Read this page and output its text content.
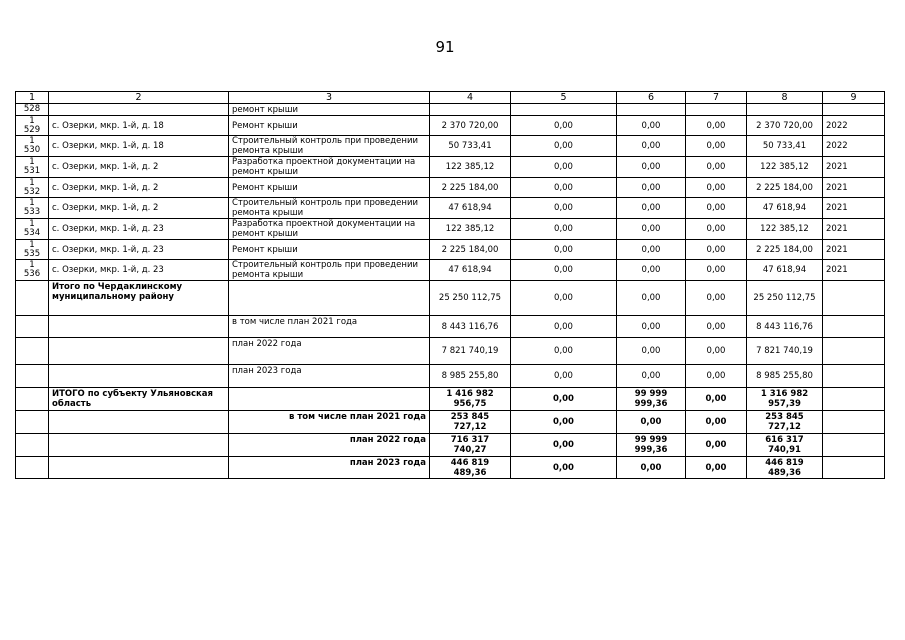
91
1	2	3	4	5	6	7	8	9

528		ремонт крыши						

1
529	с. Озерки, мкр. 1-й, д. 18	Ремонт крыши	2 370 720,00	0,00	0,00	0,00	2 370 720,00	2022

1
530	с. Озерки, мкр. 1-й, д. 18	Строительный контроль при проведении ремонта крыши	50 733,41	0,00	0,00	0,00	50 733,41	2022

1
531	с. Озерки, мкр. 1-й, д. 2	Разработка проектной документации на ремонт крыши	122 385,12	0,00	0,00	0,00	122 385,12	2021

1
532	с. Озерки, мкр. 1-й, д. 2	Ремонт крыши	2 225 184,00	0,00	0,00	0,00	2 225 184,00	2021

1
533	с. Озерки, мкр. 1-й, д. 2	Строительный контроль при проведении ремонта крыши	47 618,94	0,00	0,00	0,00	47 618,94	2021

1
534	с. Озерки, мкр. 1-й, д. 23	Разработка проектной документации на ремонт крыши	122 385,12	0,00	0,00	0,00	122 385,12	2021

1
535	с. Озерки, мкр. 1-й, д. 23	Ремонт крыши	2 225 184,00	0,00	0,00	0,00	2 225 184,00	2021

1
536	с. Озерки, мкр. 1-й, д. 23	Строительный контроль при проведении ремонта крыши	47 618,94	0,00	0,00	0,00	47 618,94	2021
	Итого по Чердаклинскому муниципальному району		25 250 112,75	0,00	0,00	0,00	25 250 112,75	
		в том числе план 2021 года	8 443 116,76	0,00	0,00	0,00	8 443 116,76	
		план 2022 года	7 821 740,19	0,00	0,00	0,00	7 821 740,19	
		план 2023 года	8 985 255,80	0,00	0,00	0,00	8 985 255,80	
	ИТОГО по субъекту Ульяновская область		1 416 982 956,75	0,00	99 999 999,36	0,00	1 316 982 957,39	
		в том числе план 2021 года	253 845 727,12	0,00	0,00	0,00	253 845 727,12	
		план 2022 года	716 317 740,27	0,00	99 999 999,36	0,00	616 317 740,91	
		план 2023 года	446 819 489,36	0,00	0,00	0,00	446 819 489,36	
